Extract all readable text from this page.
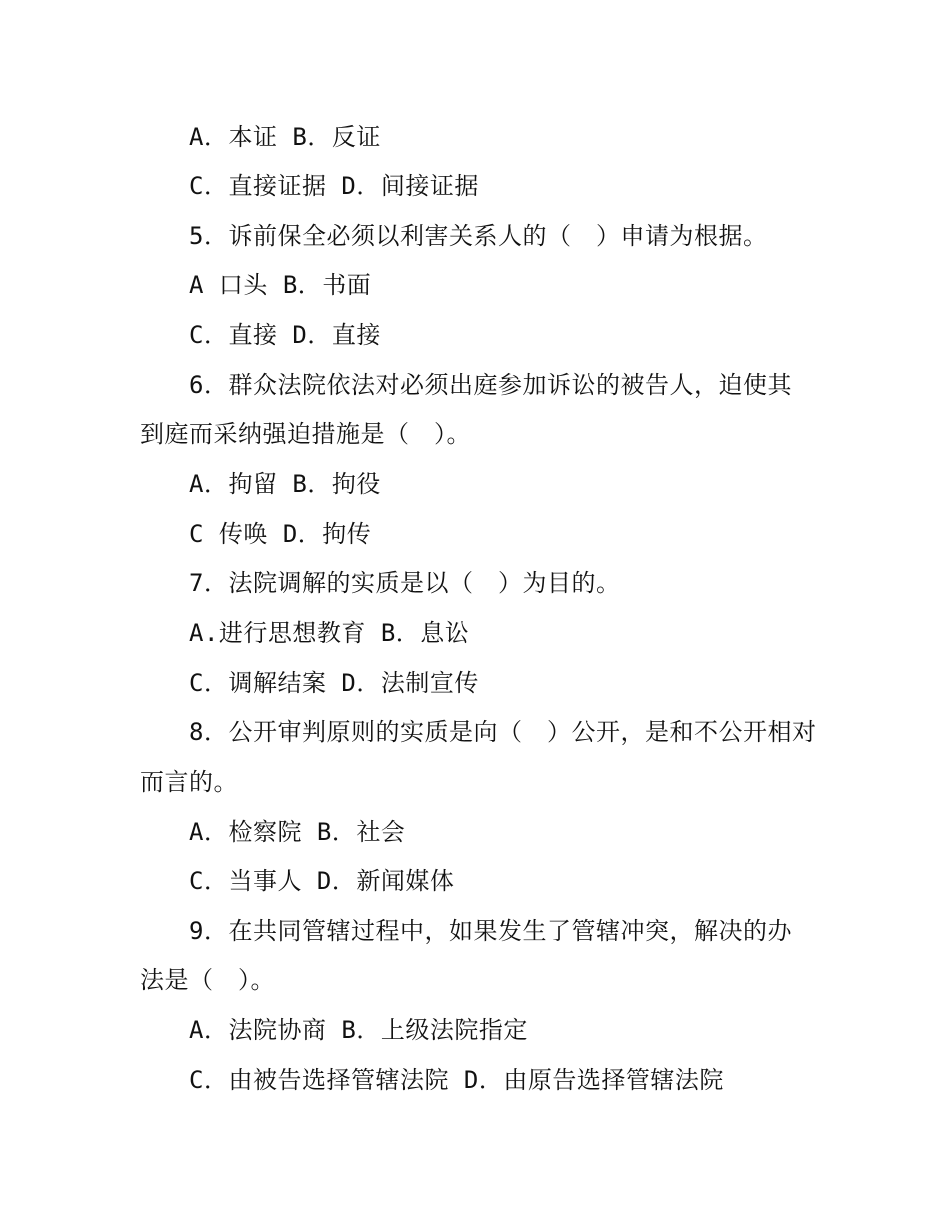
A．本证 B．反证
C．直接证据 D．间接证据
5．诉前保全必须以利害关系人的（　）申请为根据。
A 口头 B．书面
C．直接 D．直接
6．群众法院依法对必须出庭参加诉讼的被告人，迫使其
到庭而采纳强迫措施是（　）。
A．拘留 B．拘役
C 传唤 D．拘传
7．法院调解的实质是以（　）为目的。
A.进行思想教育 B．息讼
C．调解结案 D．法制宣传
8．公开审判原则的实质是向（　）公开，是和不公开相对
而言的。
A．检察院 B．社会
C．当事人 D．新闻媒体
9．在共同管辖过程中，如果发生了管辖冲突，解决的办
法是（　）。
A．法院协商 B．上级法院指定
C．由被告选择管辖法院 D．由原告选择管辖法院
